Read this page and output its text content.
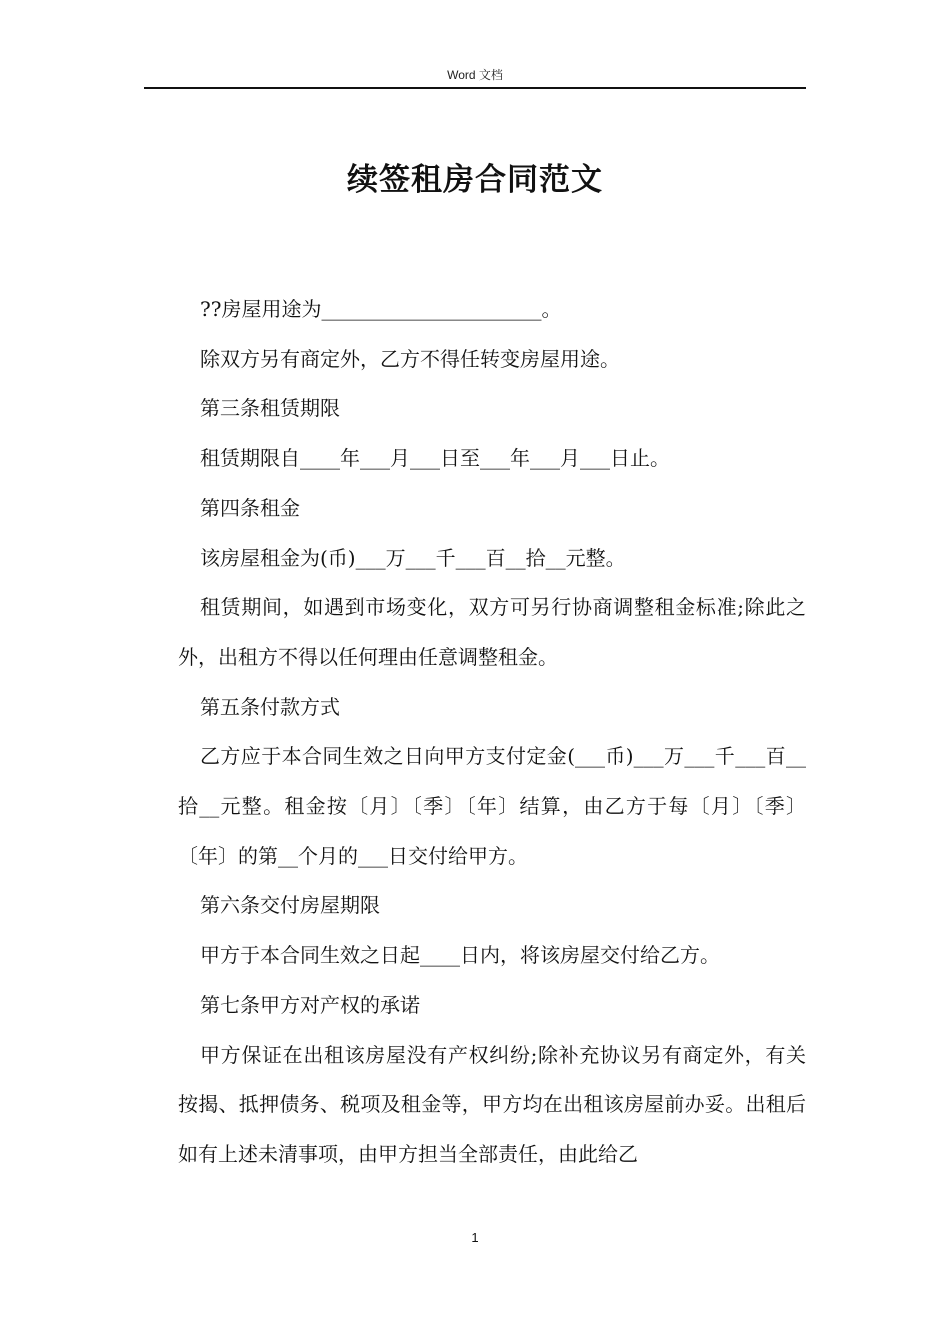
Word 文档
续签租房合同范文

??房屋用途为______________________。

除双方另有商定外，乙方不得任转变房屋用途。

第三条租赁期限

租赁期限自____年___月___日至___年___月___日止。

第四条租金

该房屋租金为(币)___万___千___百__拾__元整。

租赁期间，如遇到市场变化，双方可另行协商调整租金标准;除此之外，出租方不得以任何理由任意调整租金。

第五条付款方式

乙方应于本合同生效之日向甲方支付定金(___币)___万___千___百__拾__元整。租金按〔月〕〔季〕〔年〕结算，由乙方于每〔月〕〔季〕〔年〕的第__个月的___日交付给甲方。

第六条交付房屋期限

甲方于本合同生效之日起____日内，将该房屋交付给乙方。

第七条甲方对产权的承诺

甲方保证在出租该房屋没有产权纠纷;除补充协议另有商定外，有关按揭、抵押债务、税项及租金等，甲方均在出租该房屋前办妥。出租后如有上述未清事项，由甲方担当全部责任，由此给乙

1
